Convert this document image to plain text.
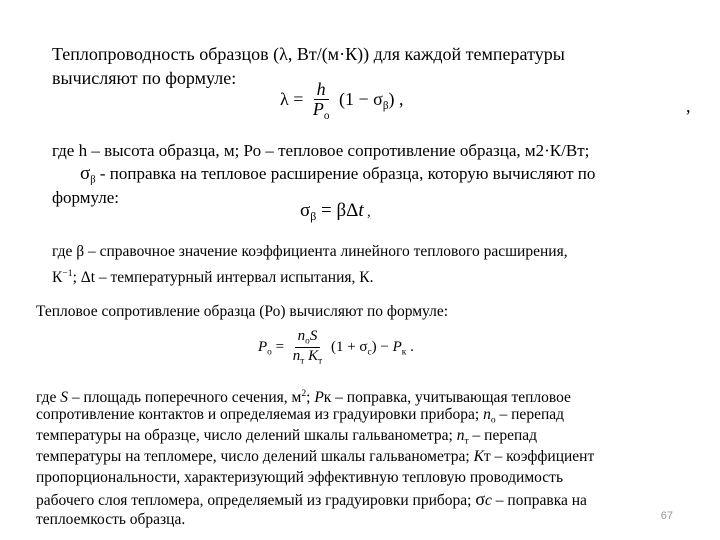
Теплопроводность образцов (λ, Вт/(м·К)) для каждой температуры
вычисляют по формуле:
$\lambda = \frac{h}{P_о} (1 - \sigma_\beta)$ ,	,
где h – высота образца, м; Ро – тепловое сопротивление образца, м2·К/Вт;
$\sigma_\beta$ - поправка на тепловое расширение образца, которую вычисляют по
формуле:
$\sigma_\beta = \beta\Delta t$ ,
где β – справочное значение коэффициента линейного теплового расширения,
$К^{-1}$; Δt – температурный интервал испытания, К.
Тепловое сопротивление образца (Ро) вычисляют по формуле:
$P_о = \frac{n_оS}{n_т K_т} (1 + \sigma_c) - P_к$ .
где S – площадь поперечного сечения, $м^2$; Рк – поправка, учитывающая тепловое
сопротивление контактов и определяемая из градуировки прибора; $n_о$ – перепад
температуры на образце, число делений шкалы гальванометра; $n_т$ – перепад
температуры на тепломере, число делений шкалы гальванометра; Кт – коэффициент
пропорциональности, характеризующий эффективную тепловую проводимость
рабочего слоя тепломера, определяемый из градуировки прибора; σс – поправка на
теплоемкость образца.	67
